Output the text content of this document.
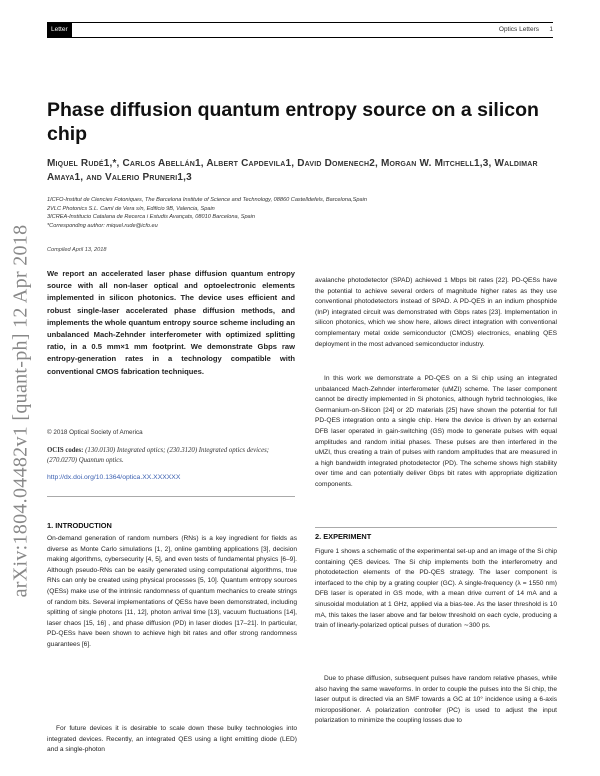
Letter	Optics Letters 1
arXiv:1804.04482v1 [quant-ph] 12 Apr 2018
Phase diffusion quantum entropy source on a silicon chip
Miquel Rudé1,*, Carlos Abellán1, Albert Capdevila1, David Domenech2, Morgan W. Mitchell1,3, Waldimar Amaya1, and Valerio Pruneri1,3
1ICFO-Institut de Ciencies Fotoniques, The Barcelona Institute of Science and Technology, 08860 Castelldefels, Barcelona,Spain
2VLC Photonics S.L. Camí de Vera s/n, Edificio 9B, Valencia, Spain
3ICREA-Institucio Catalana de Recerca i Estudis Avançats, 08010 Barcelona, Spain
*Corresponding author: miquel.rude@icfo.eu
Compiled April 13, 2018

We report an accelerated laser phase diffusion quantum entropy source with all non-laser optical and optoelectronic elements implemented in silicon photonics. The device uses efficient and robust single-laser accelerated phase diffusion methods, and implements the whole quantum entropy source scheme including an unbalanced Mach-Zehnder interferometer with optimized splitting ratio, in a 0.5 mm×1 mm footprint. We demonstrate Gbps raw entropy-generation rates in a technology compatible with conventional CMOS fabrication techniques.

© 2018 Optical Society of America
OCIS codes: (130.0130) Integrated optics; (230.3120) Integrated optics devices; (270.0270) Quantum optics.
http://dx.doi.org/10.1364/optica.XX.XXXXXX
1. INTRODUCTION

On-demand generation of random numbers (RNs) is a key ingredient for fields as diverse as Monte Carlo simulations [1, 2], online gambling applications [3], decision making algorithms, cybersecurity [4, 5], and even tests of fundamental physics [6–9]. Although pseudo-RNs can be easily generated using computational algorithms, true RNs can only be created using physical processes [5, 10]. Quantum entropy sources (QESs) make use of the intrinsic randomness of quantum mechanics to create strings of random bits. Several implementations of QESs have been demonstrated, including splitting of single photons [11, 12], photon arrival time [13], vacuum fluctuations [14], laser chaos [15, 16] , and phase diffusion (PD) in laser diodes [17–21]. In particular, PD-QESs have been shown to achieve high bit rates and offer strong randomness guarantees [6].

For future devices it is desirable to scale down these bulky technologies into integrated devices. Recently, an integrated QES using a light emitting diode (LED) and a single-photon

avalanche photodetector (SPAD) achieved 1 Mbps bit rates [22]. PD-QESs have the potential to achieve several orders of magnitude higher rates as they use conventional photodetectors instead of SPAD. A PD-QES in an indium phosphide (InP) integrated circuit was demonstrated with Gbps rates [23]. Implementation in silicon photonics, which we show here, allows direct integration with conventional complementary metal oxide semiconductor (CMOS) electronics, enabling QES deployment in the most advanced semiconductor industry.

In this work we demonstrate a PD-QES on a Si chip using an integrated unbalanced Mach-Zehnder interferometer (uMZI) scheme. The laser component cannot be directly implemented in Si photonics, although hybrid technologies, like Germanium-on-Silicon [24] or 2D materials [25] have shown the potential for full PD-QES integration onto a single chip. Here the device is driven by an external DFB laser operated in gain-switching (GS) mode to generate pulses with equal amplitudes and random initial phases. These pulses are then interfered in the uMZI, thus creating a train of pulses with random amplitudes that are measured in a high bandwidth integrated photodetector (PD). The scheme shows high stability over time and can potentially deliver Gbps bit rates with appropriate digitization components.

2. EXPERIMENT

Figure 1 shows a schematic of the experimental set-up and an image of the Si chip containing QES devices. The Si chip implements both the interferometry and photodetection elements of the PD-QES strategy. The laser component is interfaced to the chip by a grating coupler (GC). A single-frequency (λ = 1550 nm) DFB laser is operated in GS mode, with a mean drive current of 14 mA and a sinusoidal modulation at 1 GHz, applied via a bias-tee. As the laser threshold is 10 mA, this takes the laser above and far below threshold on each cycle, producing a train of linearly-polarized optical pulses of duration ∼300 ps.

Due to phase diffusion, subsequent pulses have random relative phases, while also having the same waveforms. In order to couple the pulses into the Si chip, the laser output is directed via an SMF towards a GC at 10° incidence using a 6-axis micropositioner. A polarization controller (PC) is used to adjust the input polarization to minimize the coupling losses due to
